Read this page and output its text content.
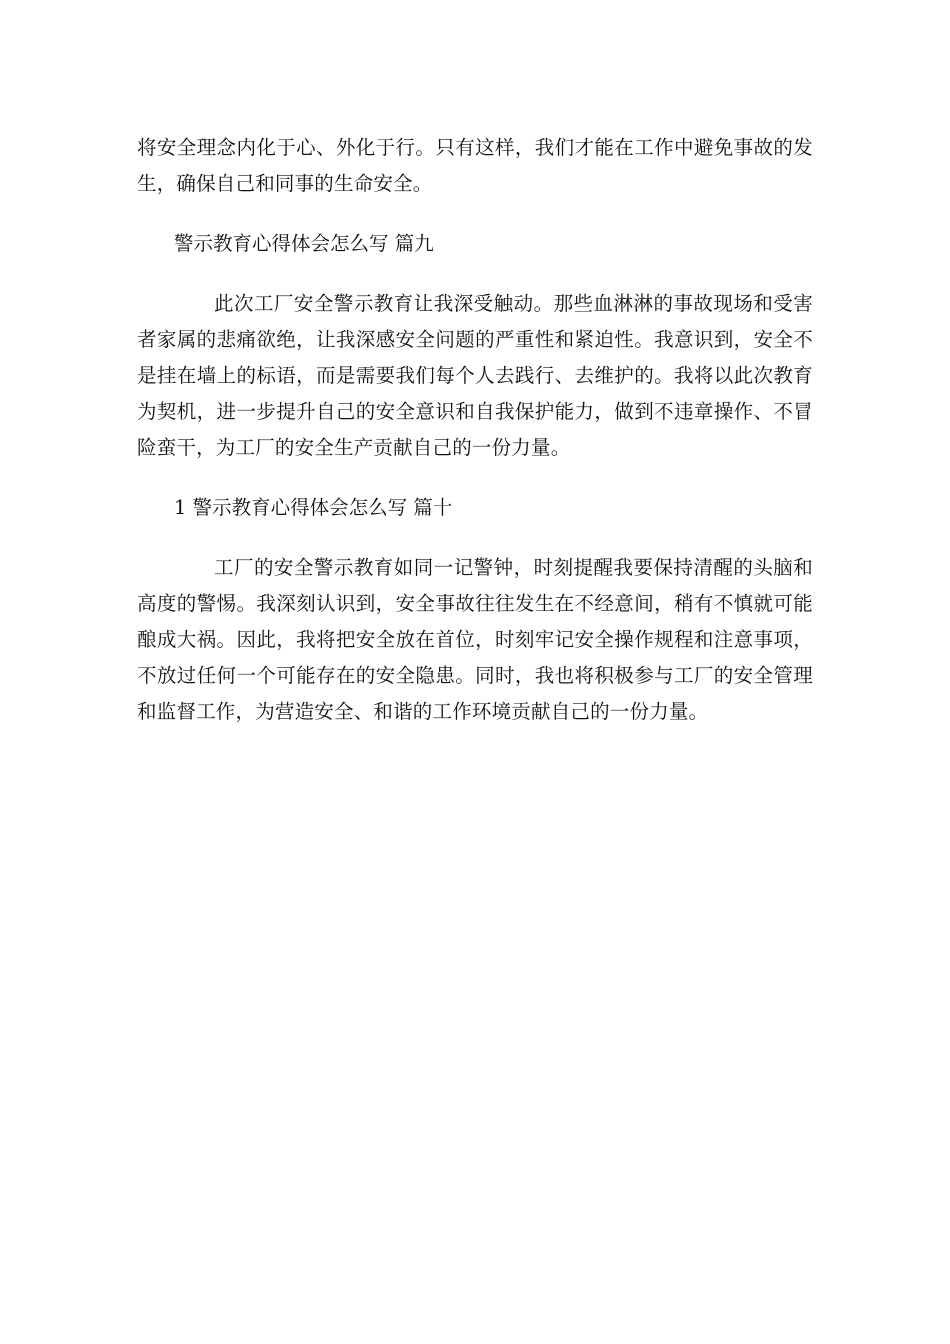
将安全理念内化于心、外化于行。只有这样，我们才能在工作中避免事故的发生，确保自己和同事的生命安全。

警示教育心得体会怎么写 篇九

此次工厂安全警示教育让我深受触动。那些血淋淋的事故现场和受害者家属的悲痛欲绝，让我深感安全问题的严重性和紧迫性。我意识到，安全不是挂在墙上的标语，而是需要我们每个人去践行、去维护的。我将以此次教育为契机，进一步提升自己的安全意识和自我保护能力，做到不违章操作、不冒险蛮干，为工厂的安全生产贡献自己的一份力量。

1 警示教育心得体会怎么写 篇十

工厂的安全警示教育如同一记警钟，时刻提醒我要保持清醒的头脑和高度的警惕。我深刻认识到，安全事故往往发生在不经意间，稍有不慎就可能酿成大祸。因此，我将把安全放在首位，时刻牢记安全操作规程和注意事项，不放过任何一个可能存在的安全隐患。同时，我也将积极参与工厂的安全管理和监督工作，为营造安全、和谐的工作环境贡献自己的一份力量。
